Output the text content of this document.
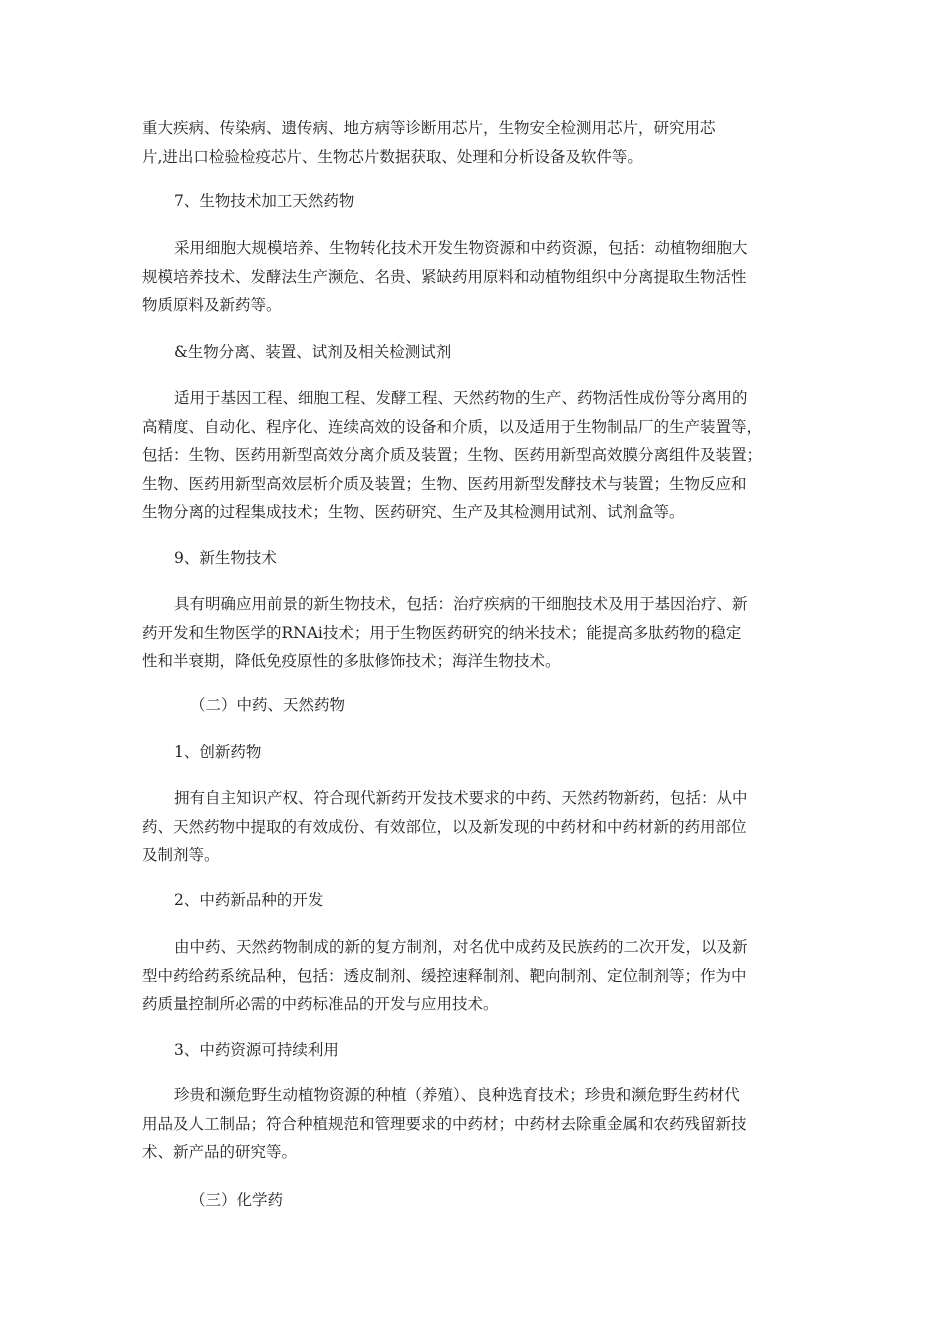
重大疾病、传染病、遗传病、地方病等诊断用芯片，生物安全检测用芯片，研究用芯
片,进出口检验检疫芯片、生物芯片数据获取、处理和分析设备及软件等。

7、生物技术加工天然药物

采用细胞大规模培养、生物转化技术开发生物资源和中药资源，包括：动植物细胞大
规模培养技术、发酵法生产濒危、名贵、紧缺药用原料和动植物组织中分离提取生物活性
物质原料及新药等。

&生物分离、装置、试剂及相关检测试剂

适用于基因工程、细胞工程、发酵工程、天然药物的生产、药物活性成份等分离用的
高精度、自动化、程序化、连续高效的设备和介质，以及适用于生物制品厂的生产装置等，
包括：生物、医药用新型高效分离介质及装置；生物、医药用新型高效膜分离组件及装置；
生物、医药用新型高效层析介质及装置；生物、医药用新型发酵技术与装置；生物反应和
生物分离的过程集成技术；生物、医药研究、生产及其检测用试剂、试剂盒等。

9、新生物技术

具有明确应用前景的新生物技术，包括：治疗疾病的干细胞技术及用于基因治疗、新
药开发和生物医学的RNAi技术；用于生物医药研究的纳米技术；能提高多肽药物的稳定
性和半衰期，降低免疫原性的多肽修饰技术；海洋生物技术。

（二）中药、天然药物

1、创新药物

拥有自主知识产权、符合现代新药开发技术要求的中药、天然药物新药，包括：从中
药、天然药物中提取的有效成份、有效部位，以及新发现的中药材和中药材新的药用部位
及制剂等。

2、中药新品种的开发

由中药、天然药物制成的新的复方制剂，对名优中成药及民族药的二次开发，以及新
型中药给药系统品种，包括：透皮制剂、缓控速释制剂、靶向制剂、定位制剂等；作为中
药质量控制所必需的中药标准品的开发与应用技术。

3、中药资源可持续利用

珍贵和濒危野生动植物资源的种植（养殖）、良种选育技术；珍贵和濒危野生药材代
用品及人工制品；符合种植规范和管理要求的中药材；中药材去除重金属和农药残留新技
术、新产品的研究等。

（三）化学药
